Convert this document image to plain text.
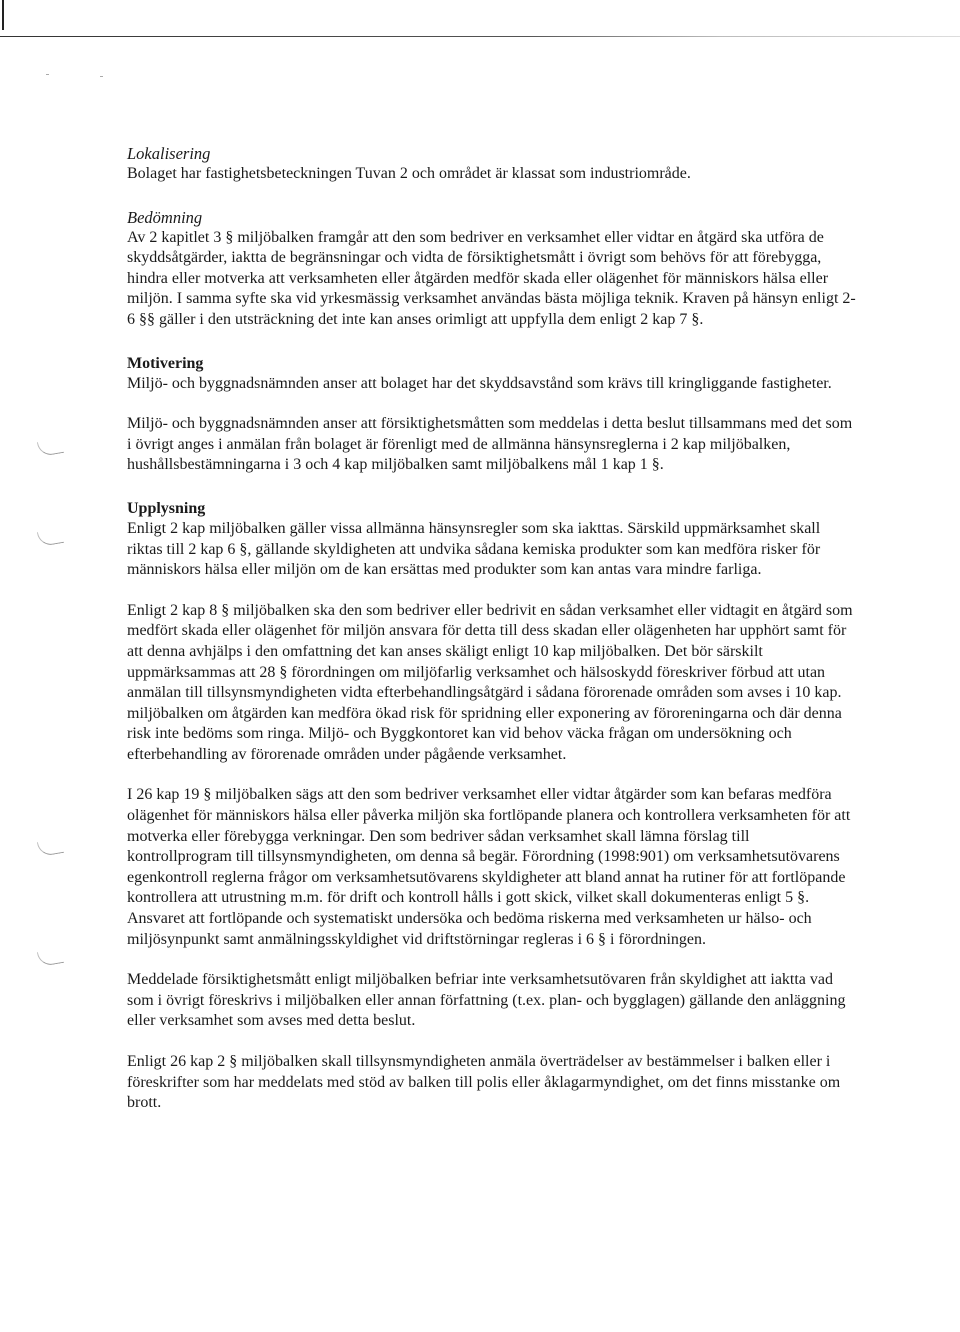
Lokalisering

Bolaget har fastighetsbeteckningen Tuvan 2 och området är klassat som industriområde.

Bedömning

Av 2 kapitlet 3 § miljöbalken framgår att den som bedriver en verksamhet eller vidtar en åtgärd ska utföra de skyddsåtgärder, iaktta de begränsningar och vidta de försiktighetsmått i övrigt som behövs för att förebygga, hindra eller motverka att verksamheten eller åtgärden medför skada eller olägenhet för människors hälsa eller miljön. I samma syfte ska vid yrkesmässig verksamhet användas bästa möjliga teknik. Kraven på hänsyn enligt 2-6 §§ gäller i den utsträckning det inte kan anses orimligt att uppfylla dem enligt 2 kap 7 §.

Motivering

Miljö- och byggnadsnämnden anser att bolaget har det skyddsavstånd som krävs till kringliggande fastigheter.

Miljö- och byggnadsnämnden anser att försiktighetsmåtten som meddelas i detta beslut tillsammans med det som i övrigt anges i anmälan från bolaget är förenligt med de allmänna hänsynsreglerna i 2 kap miljöbalken, hushållsbestämningarna i 3 och 4 kap miljöbalken samt miljöbalkens mål 1 kap 1 §.

Upplysning

Enligt 2 kap miljöbalken gäller vissa allmänna hänsynsregler som ska iakttas. Särskild uppmärksamhet skall riktas till 2 kap 6 §, gällande skyldigheten att undvika sådana kemiska produkter som kan medföra risker för människors hälsa eller miljön om de kan ersättas med produkter som kan antas vara mindre farliga.

Enligt 2 kap 8 § miljöbalken ska den som bedriver eller bedrivit en sådan verksamhet eller vidtagit en åtgärd som medfört skada eller olägenhet för miljön ansvara för detta till dess skadan eller olägenheten har upphört samt för att denna avhjälps i den omfattning det kan anses skäligt enligt 10 kap miljöbalken. Det bör särskilt uppmärksammas att 28 § förordningen om miljöfarlig verksamhet och hälsoskydd föreskriver förbud att utan anmälan till tillsynsmyndigheten vidta efterbehandlingsåtgärd i sådana förorenade områden som avses i 10 kap. miljöbalken om åtgärden kan medföra ökad risk för spridning eller exponering av föroreningarna och där denna risk inte bedöms som ringa. Miljö- och Byggkontoret kan vid behov väcka frågan om undersökning och efterbehandling av förorenade områden under pågående verksamhet.

I 26 kap 19 § miljöbalken sägs att den som bedriver verksamhet eller vidtar åtgärder som kan befaras medföra olägenhet för människors hälsa eller påverka miljön ska fortlöpande planera och kontrollera verksamheten för att motverka eller förebygga verkningar. Den som bedriver sådan verksamhet skall lämna förslag till kontrollprogram till tillsynsmyndigheten, om denna så begär. Förordning (1998:901) om verksamhetsutövarens egenkontroll reglerna frågor om verksamhetsutövarens skyldigheter att bland annat ha rutiner för att fortlöpande kontrollera att utrustning m.m. för drift och kontroll hålls i gott skick, vilket skall dokumenteras enligt 5 §. Ansvaret att fortlöpande och systematiskt undersöka och bedöma riskerna med verksamheten ur hälso- och miljösynpunkt samt anmälningsskyldighet vid driftstörningar regleras i 6 § i förordningen.

Meddelade försiktighetsmått enligt miljöbalken befriar inte verksamhetsutövaren från skyldighet att iaktta vad som i övrigt föreskrivs i miljöbalken eller annan författning (t.ex. plan- och bygglagen) gällande den anläggning eller verksamhet som avses med detta beslut.

Enligt 26 kap 2 § miljöbalken skall tillsynsmyndigheten anmäla överträdelser av bestämmelser i balken eller i föreskrifter som har meddelats med stöd av balken till polis eller åklagarmyndighet, om det finns misstanke om brott.
